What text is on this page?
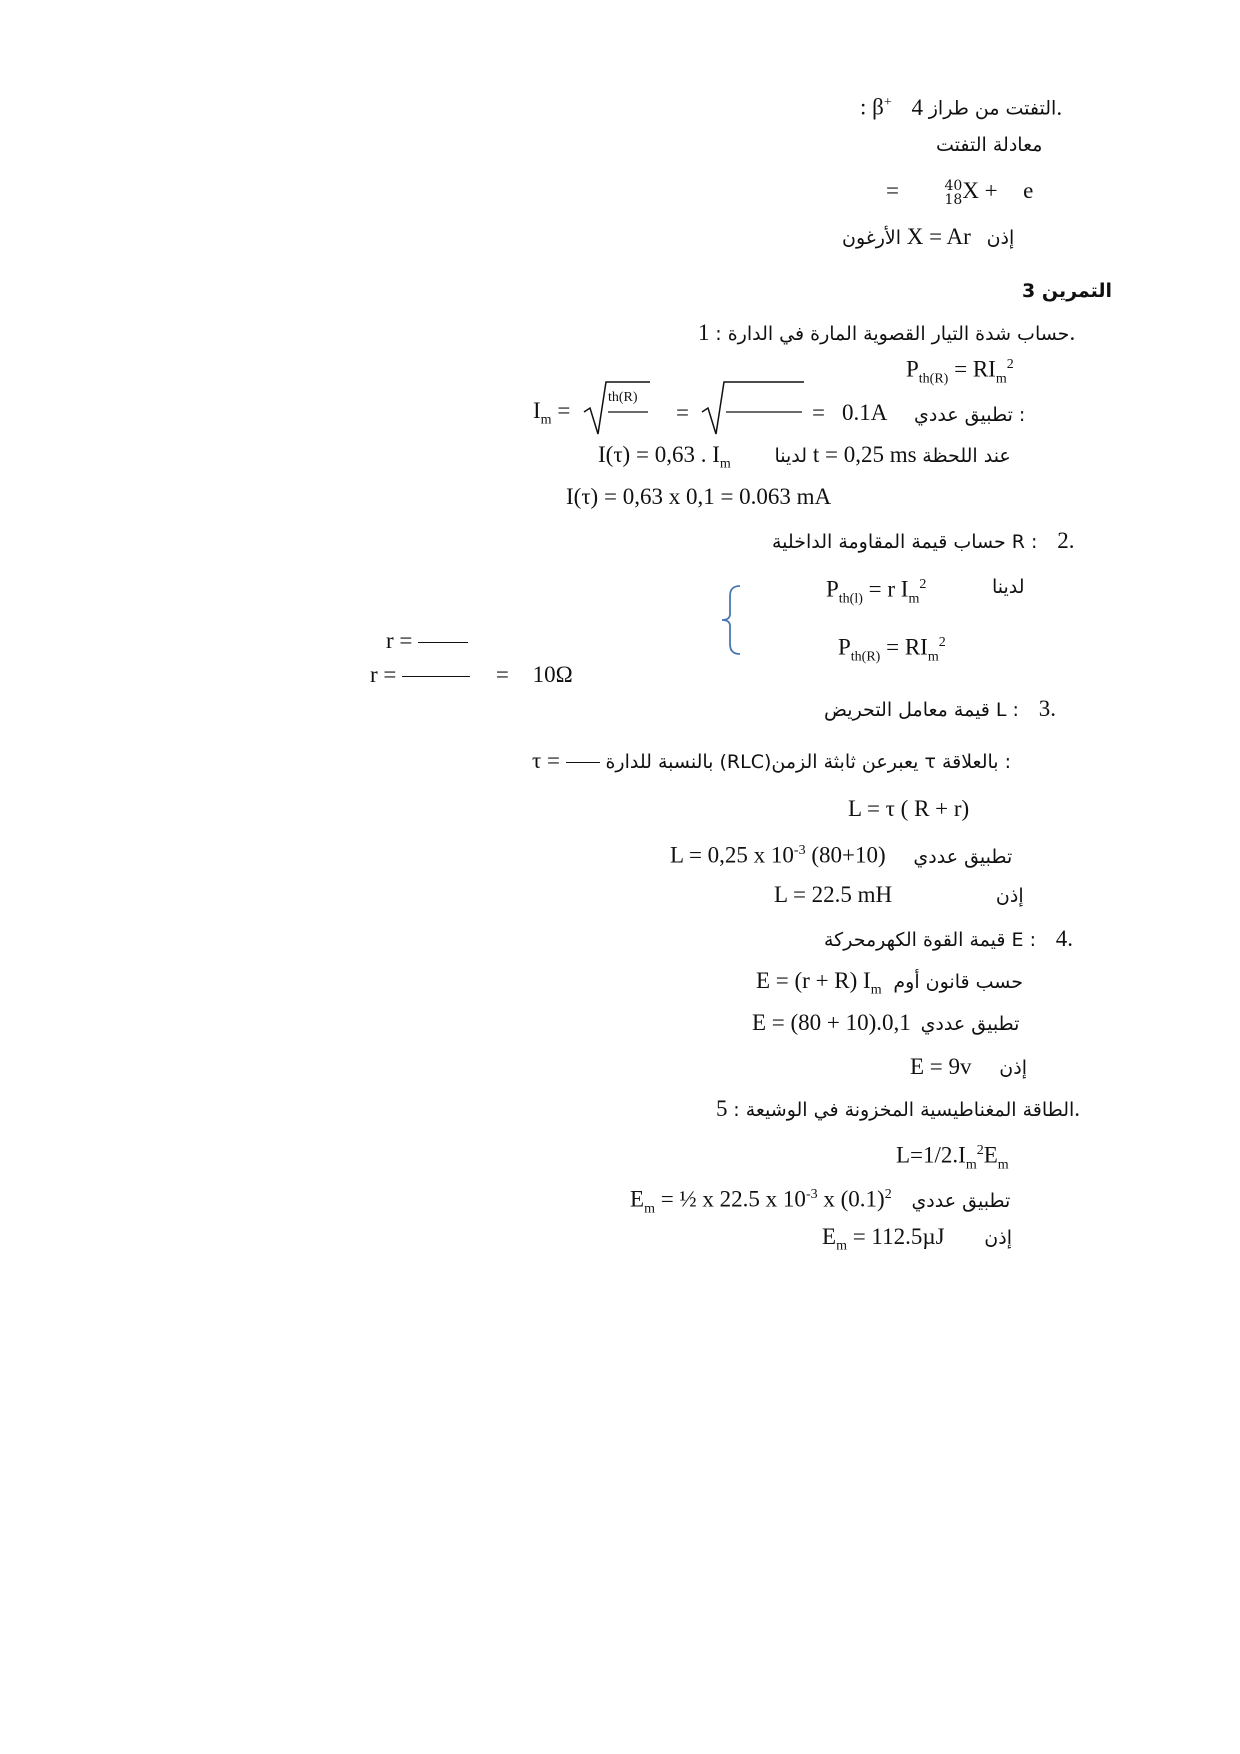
: β+ التفتت من طراز 4.
معادلة التفتت
=	40
18 X + e
الأرغون X = Ar إذن
التمرين 3
حساب شدة التيار القصوية المارة في الدارة : 1.
$P_{th(R)} = RI_m^2$
$I_m$ =
th(R)
=	= 0.1A تطبيق عددي :
I(τ) = 0,63 . $I_m$ لدينا t = 0,25 ms عند اللحظة
I(τ) = 0,63 x 0,1 = 0.063 mA
حساب قيمة المقاومة الداخلية R : 2.
$P_{th(l)} = r$ $I_m^2$	لدينا
$P_{th(R)} = RI_m^2$
r =
r =	= 10Ω
قيمة معامل التحريض L : 3.
τ = بالنسبة للدارة (RLC)يعبرعن ثابثة الزمن τ بالعلاقة :
L = τ ( R + r)
L = 0,25 x $10^{-3}$ (80+10) تطبيق عددي
L = 22.5 mH	إذن
قيمة القوة الكهرمحركة E : 4.
E = (r + R) $I_m$ حسب قانون أوم
E = (80 + 10).0,1 تطبيق عددي
E = 9v إذن
الطاقة المغناطيسية المخزونة في الوشيعة : 5.
$L=1/2.I_m^2E_m$
$E_m$ = ½ x 22.5 x $10^{-3}$ x $(0.1)^2$ تطبيق عددي
$E_m = 112.5\mu J$ إذن
